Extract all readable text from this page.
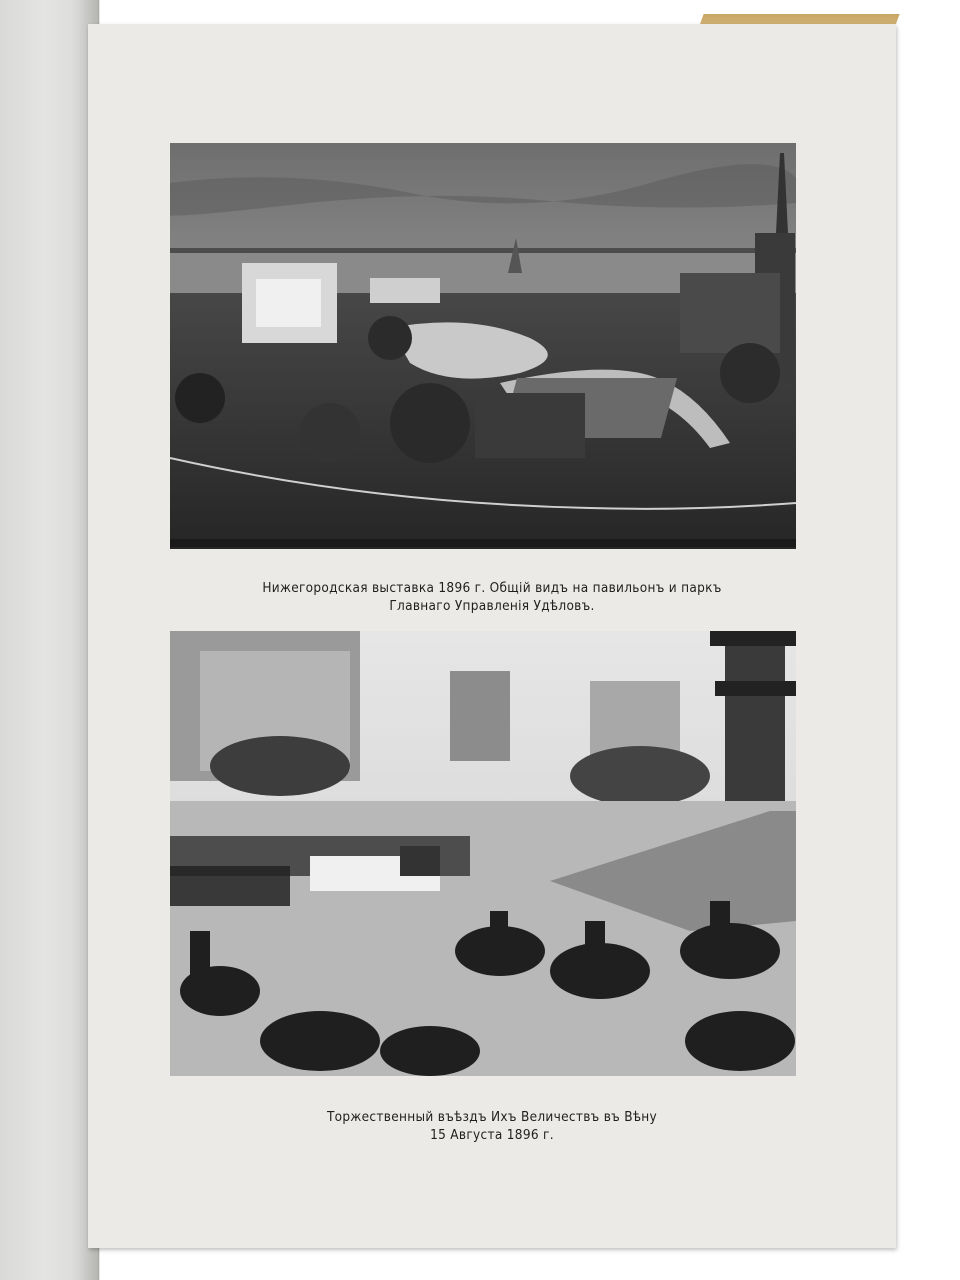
Нижегородская выставка 1896 г. Общій видъ на павильонъ и паркъ
Главнаго Управленія Удѣловъ.
Торжественный въѣздъ Ихъ Величествъ въ Вѣну
15 Августа 1896 г.
